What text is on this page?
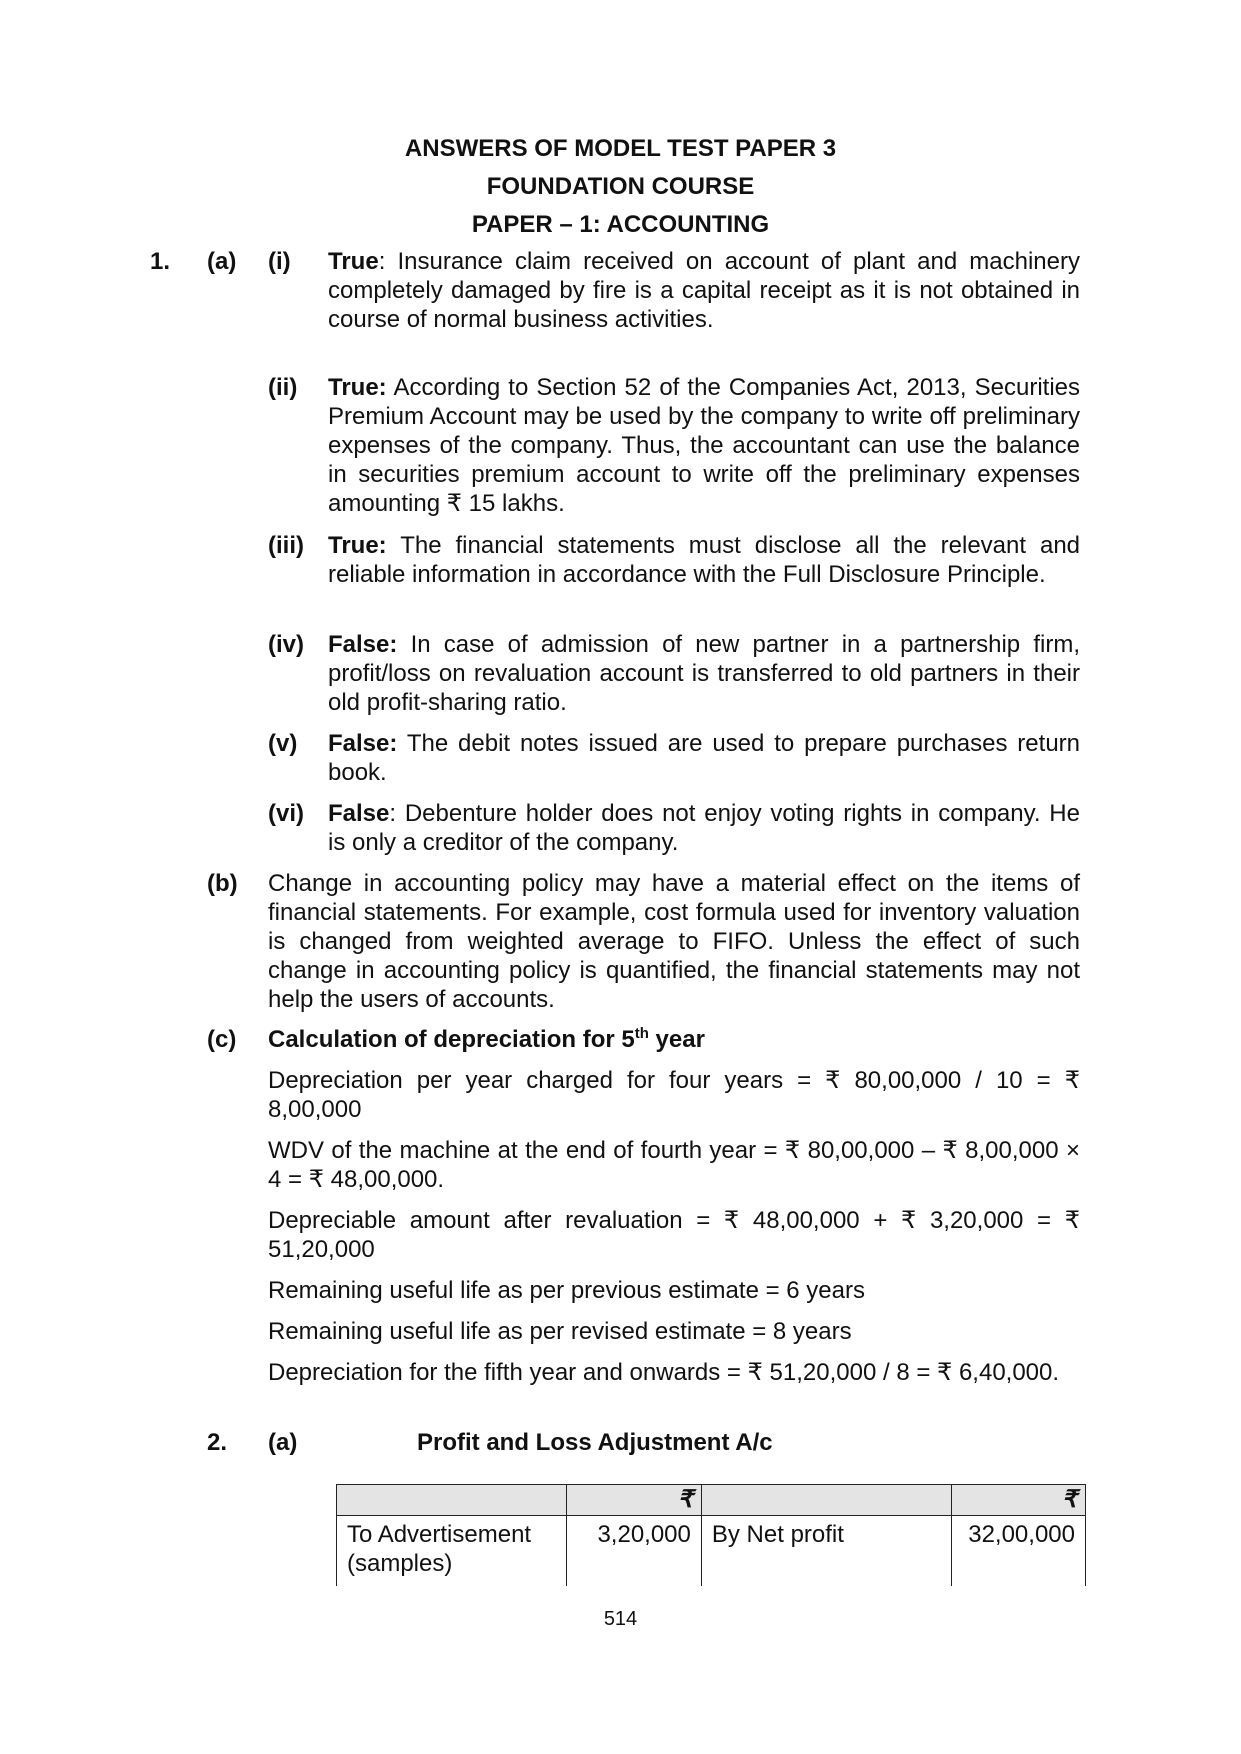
ANSWERS OF MODEL TEST PAPER 3
FOUNDATION COURSE
PAPER – 1: ACCOUNTING
1. (a) (i) True: Insurance claim received on account of plant and machinery completely damaged by fire is a capital receipt as it is not obtained in course of normal business activities.

(ii) True: According to Section 52 of the Companies Act, 2013, Securities Premium Account may be used by the company to write off preliminary expenses of the company. Thus, the accountant can use the balance in securities premium account to write off the preliminary expenses amounting ₹ 15 lakhs.

(iii) True: The financial statements must disclose all the relevant and reliable information in accordance with the Full Disclosure Principle.

(iv) False: In case of admission of new partner in a partnership firm, profit/loss on revaluation account is transferred to old partners in their old profit-sharing ratio.

(v) False: The debit notes issued are used to prepare purchases return book.

(vi) False: Debenture holder does not enjoy voting rights in company. He is only a creditor of the company.

(b) Change in accounting policy may have a material effect on the items of financial statements. For example, cost formula used for inventory valuation is changed from weighted average to FIFO. Unless the effect of such change in accounting policy is quantified, the financial statements may not help the users of accounts.

(c) Calculation of depreciation for 5th year

Depreciation per year charged for four years = ₹ 80,00,000 / 10 = ₹ 8,00,000

WDV of the machine at the end of fourth year = ₹ 80,00,000 – ₹ 8,00,000 × 4 = ₹ 48,00,000.

Depreciable amount after revaluation = ₹ 48,00,000 + ₹ 3,20,000 = ₹ 51,20,000

Remaining useful life as per previous estimate = 6 years
Remaining useful life as per revised estimate = 8 years

Depreciation for the fifth year and onwards = ₹ 51,20,000 / 8 = ₹ 6,40,000.

2. (a)	Profit and Loss Adjustment A/c
	₹		₹
To Advertisement (samples)	3,20,000	By Net profit	32,00,000
514
